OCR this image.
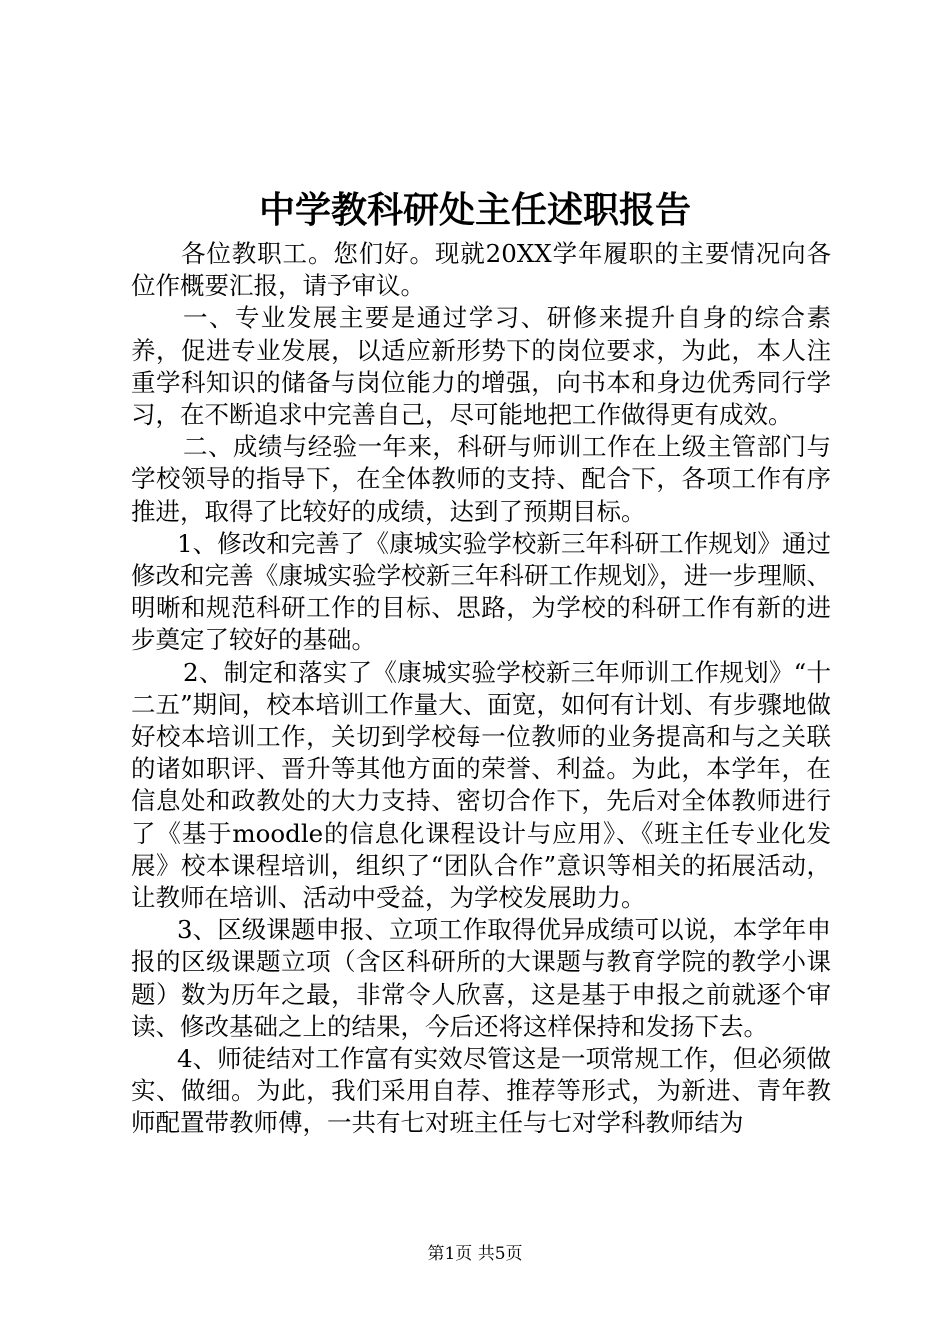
中学教科研处主任述职报告

各位教职工。您们好。现就20XX学年履职的主要情况向各位作概要汇报，请予审议。

一、专业发展主要是通过学习、研修来提升自身的综合素养，促进专业发展，以适应新形势下的岗位要求，为此，本人注重学科知识的储备与岗位能力的增强，向书本和身边优秀同行学习，在不断追求中完善自己，尽可能地把工作做得更有成效。

二、成绩与经验一年来，科研与师训工作在上级主管部门与学校领导的指导下，在全体教师的支持、配合下，各项工作有序推进，取得了比较好的成绩，达到了预期目标。

1、修改和完善了《康城实验学校新三年科研工作规划》通过修改和完善《康城实验学校新三年科研工作规划》，进一步理顺、明晰和规范科研工作的目标、思路，为学校的科研工作有新的进步奠定了较好的基础。

2、制定和落实了《康城实验学校新三年师训工作规划》“十二五”期间，校本培训工作量大、面宽，如何有计划、有步骤地做好校本培训工作，关切到学校每一位教师的业务提高和与之关联的诸如职评、晋升等其他方面的荣誉、利益。为此，本学年，在信息处和政教处的大力支持、密切合作下，先后对全体教师进行了《基于moodle的信息化课程设计与应用》、《班主任专业化发展》校本课程培训，组织了“团队合作”意识等相关的拓展活动，让教师在培训、活动中受益，为学校发展助力。

3、区级课题申报、立项工作取得优异成绩可以说，本学年申报的区级课题立项（含区科研所的大课题与教育学院的教学小课题）数为历年之最，非常令人欣喜，这是基于申报之前就逐个审读、修改基础之上的结果，今后还将这样保持和发扬下去。

4、师徒结对工作富有实效尽管这是一项常规工作，但必须做实、做细。为此，我们采用自荐、推荐等形式，为新进、青年教师配置带教师傅，一共有七对班主任与七对学科教师结为

第1页 共5页
